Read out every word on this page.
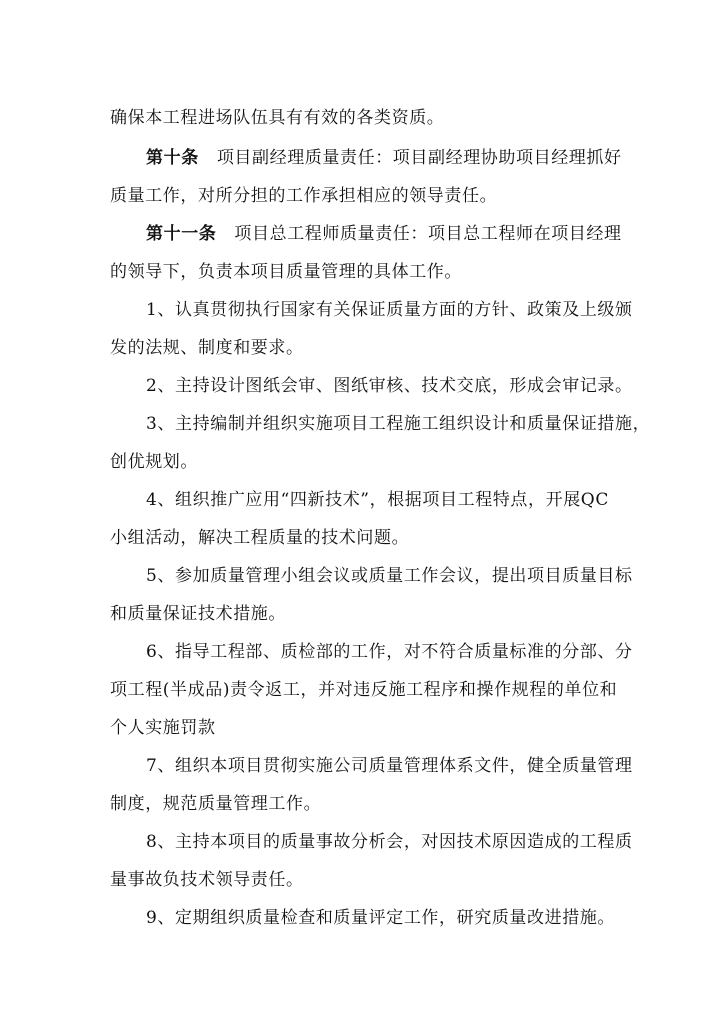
确保本工程进场队伍具有有效的各类资质。
第十条 项目副经理质量责任：项目副经理协助项目经理抓好
质量工作，对所分担的工作承担相应的领导责任。
第十一条 项目总工程师质量责任：项目总工程师在项目经理
的领导下，负责本项目质量管理的具体工作。
1、认真贯彻执行国家有关保证质量方面的方针、政策及上级颁
发的法规、制度和要求。
2、主持设计图纸会审、图纸审核、技术交底，形成会审记录。
3、主持编制并组织实施项目工程施工组织设计和质量保证措施，
创优规划。
4、组织推广应用“四新技术”，根据项目工程特点，开展QC
小组活动，解决工程质量的技术问题。
5、参加质量管理小组会议或质量工作会议，提出项目质量目标
和质量保证技术措施。
6、指导工程部、质检部的工作，对不符合质量标准的分部、分
项工程(半成品)责令返工，并对违反施工程序和操作规程的单位和
个人实施罚款
7、组织本项目贯彻实施公司质量管理体系文件，健全质量管理
制度，规范质量管理工作。
8、主持本项目的质量事故分析会，对因技术原因造成的工程质
量事故负技术领导责任。
9、定期组织质量检查和质量评定工作，研究质量改进措施。
